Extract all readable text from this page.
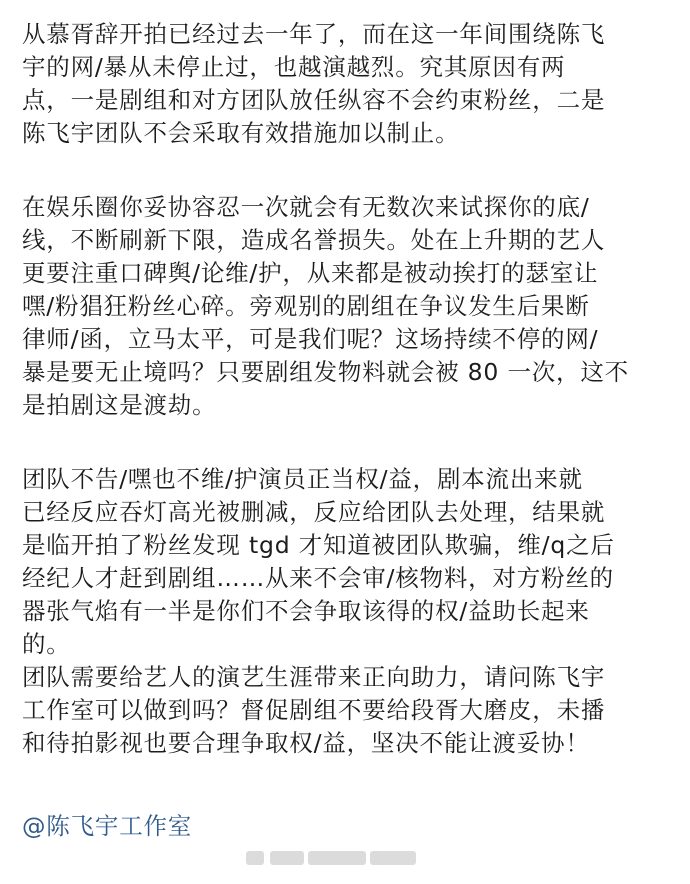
从慕胥辞开拍已经过去一年了，而在这一年间围绕陈飞
宇的网/暴从未停止过，也越演越烈。究其原因有两
点，一是剧组和对方团队放任纵容不会约束粉丝，二是
陈飞宇团队不会采取有效措施加以制止。

在娱乐圈你妥协容忍一次就会有无数次来试探你的底/
线，不断刷新下限，造成名誉损失。处在上升期的艺人
更要注重口碑舆/论维/护，从来都是被动挨打的瑟室让
嘿/粉猖狂粉丝心碎。旁观别的剧组在争议发生后果断
律师/函，立马太平，可是我们呢？这场持续不停的网/
暴是要无止境吗？只要剧组发物料就会被 80 一次，这不
是拍剧这是渡劫。

团队不告/嘿也不维/护演员正当权/益，剧本流出来就
已经反应吞灯高光被删减，反应给团队去处理，结果就
是临开拍了粉丝发现 tgd 才知道被团队欺骗，维/q之后
经纪人才赶到剧组……从来不会审/核物料，对方粉丝的
器张气焰有一半是你们不会争取该得的权/益助长起来
的。
团队需要给艺人的演艺生涯带来正向助力，请问陈飞宇
工作室可以做到吗？督促剧组不要给段胥大磨皮，未播
和待拍影视也要合理争取权/益，坚决不能让渡妥协！

@陈飞宇工作室
